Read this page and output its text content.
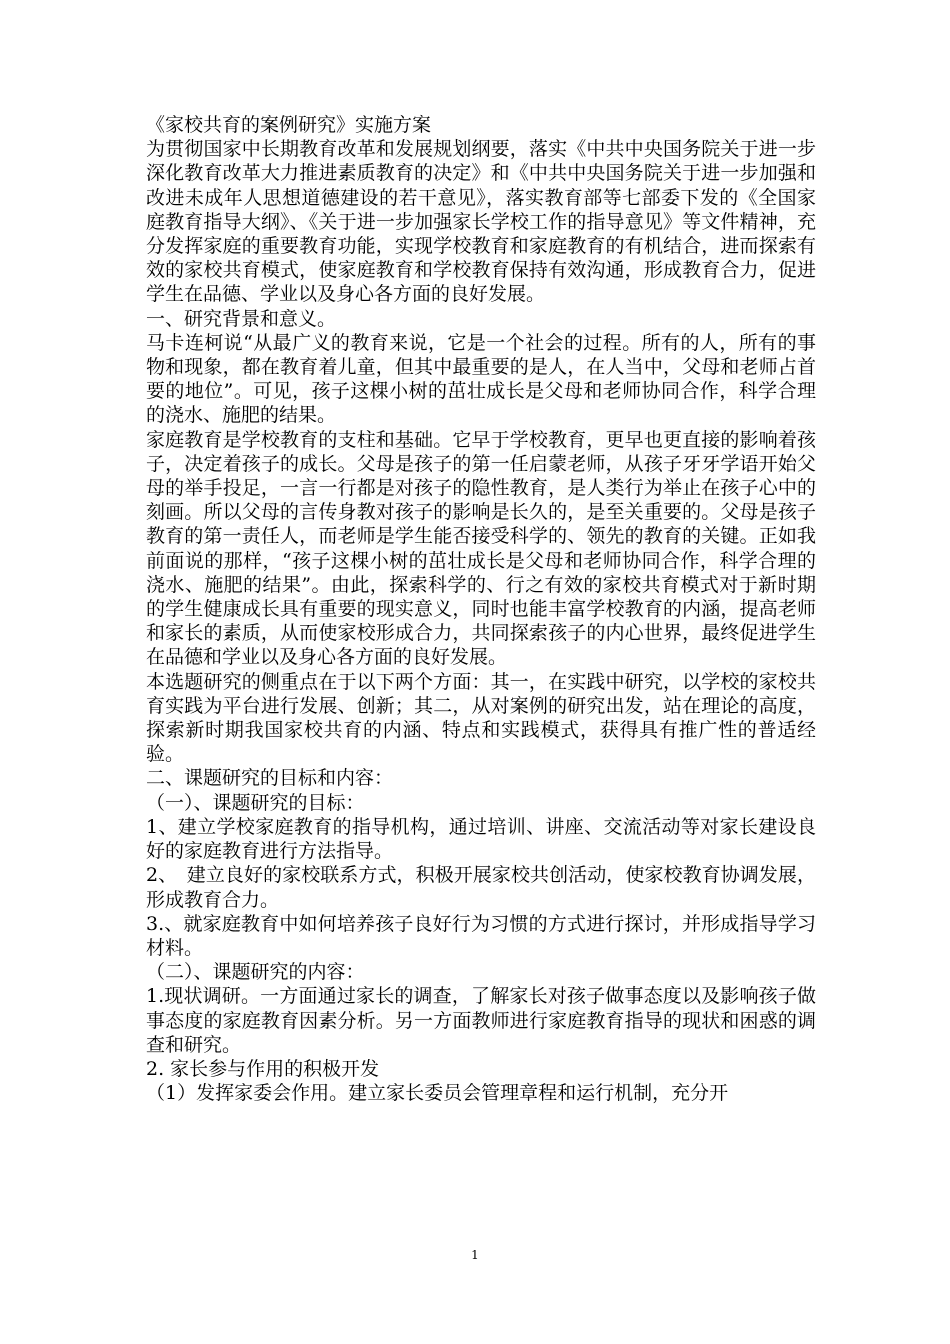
《家校共育的案例研究》实施方案

为贯彻国家中长期教育改革和发展规划纲要，落实《中共中央国务院关于进一步深化教育改革大力推进素质教育的决定》和《中共中央国务院关于进一步加强和改进未成年人思想道德建设的若干意见》，落实教育部等七部委下发的《全国家庭教育指导大纲》、《关于进一步加强家长学校工作的指导意见》等文件精神，充分发挥家庭的重要教育功能，实现学校教育和家庭教育的有机结合，进而探索有效的家校共育模式，使家庭教育和学校教育保持有效沟通，形成教育合力，促进学生在品德、学业以及身心各方面的良好发展。

一、研究背景和意义。

马卡连柯说“从最广义的教育来说，它是一个社会的过程。所有的人，所有的事物和现象，都在教育着儿童，但其中最重要的是人，在人当中，父母和老师占首要的地位”。可见，孩子这棵小树的茁壮成长是父母和老师协同合作，科学合理的浇水、施肥的结果。

家庭教育是学校教育的支柱和基础。它早于学校教育，更早也更直接的影响着孩子，决定着孩子的成长。父母是孩子的第一任启蒙老师，从孩子牙牙学语开始父母的举手投足，一言一行都是对孩子的隐性教育，是人类行为举止在孩子心中的刻画。所以父母的言传身教对孩子的影响是长久的，是至关重要的。父母是孩子教育的第一责任人，而老师是学生能否接受科学的、领先的教育的关键。正如我前面说的那样，“孩子这棵小树的茁壮成长是父母和老师协同合作，科学合理的浇水、施肥的结果”。由此，探索科学的、行之有效的家校共育模式对于新时期的学生健康成长具有重要的现实意义，同时也能丰富学校教育的内涵，提高老师和家长的素质，从而使家校形成合力，共同探索孩子的内心世界，最终促进学生在品德和学业以及身心各方面的良好发展。

本选题研究的侧重点在于以下两个方面：其一，在实践中研究，以学校的家校共育实践为平台进行发展、创新；其二，从对案例的研究出发，站在理论的高度，探索新时期我国家校共育的内涵、特点和实践模式，获得具有推广性的普适经验。

二、课题研究的目标和内容：

（一）、课题研究的目标：

1、建立学校家庭教育的指导机构，通过培训、讲座、交流活动等对家长建设良好的家庭教育进行方法指导。

2、　建立良好的家校联系方式，积极开展家校共创活动，使家校教育协调发展，形成教育合力。

3.、就家庭教育中如何培养孩子良好行为习惯的方式进行探讨，并形成指导学习材料。

（二）、课题研究的内容：

1.现状调研。一方面通过家长的调查，了解家长对孩子做事态度以及影响孩子做事态度的家庭教育因素分析。另一方面教师进行家庭教育指导的现状和困惑的调查和研究。

2. 家长参与作用的积极开发

（1）发挥家委会作用。建立家长委员会管理章程和运行机制，充分开

1
